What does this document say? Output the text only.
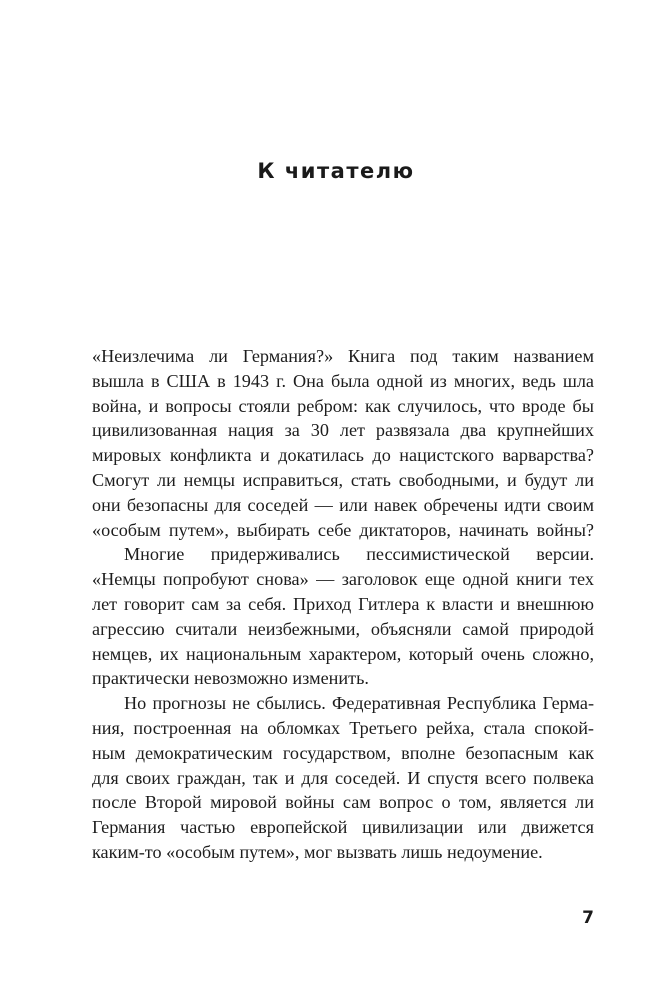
К читателю
«Неизлечима ли Германия?» Книга под таким названием
вышла в США в 1943 г. Она была одной из многих, ведь шла
война, и вопросы стояли ребром: как случилось, что вроде бы
цивилизованная нация за 30 лет развязала два крупнейших
мировых конфликта и докатилась до нацистского варварства?
Смогут ли немцы исправиться, стать свободными, и будут ли
они безопасны для соседей — или навек обречены идти своим
«особым путем», выбирать себе диктаторов, начинать войны?
Многие придерживались пессимистической версии.
«Немцы попробуют снова» — заголовок еще одной книги тех
лет говорит сам за себя. Приход Гитлера к власти и внешнюю
агрессию считали неизбежными, объясняли самой природой
немцев, их национальным характером, который очень сложно,
практически невозможно изменить.
Но прогнозы не сбылись. Федеративная Республика Герма-
ния, построенная на обломках Третьего рейха, стала спокой-
ным демократическим государством, вполне безопасным как
для своих граждан, так и для соседей. И спустя всего полвека
после Второй мировой войны сам вопрос о том, является ли
Германия частью европейской цивилизации или движется
каким-то «особым путем», мог вызвать лишь недоумение.
7
